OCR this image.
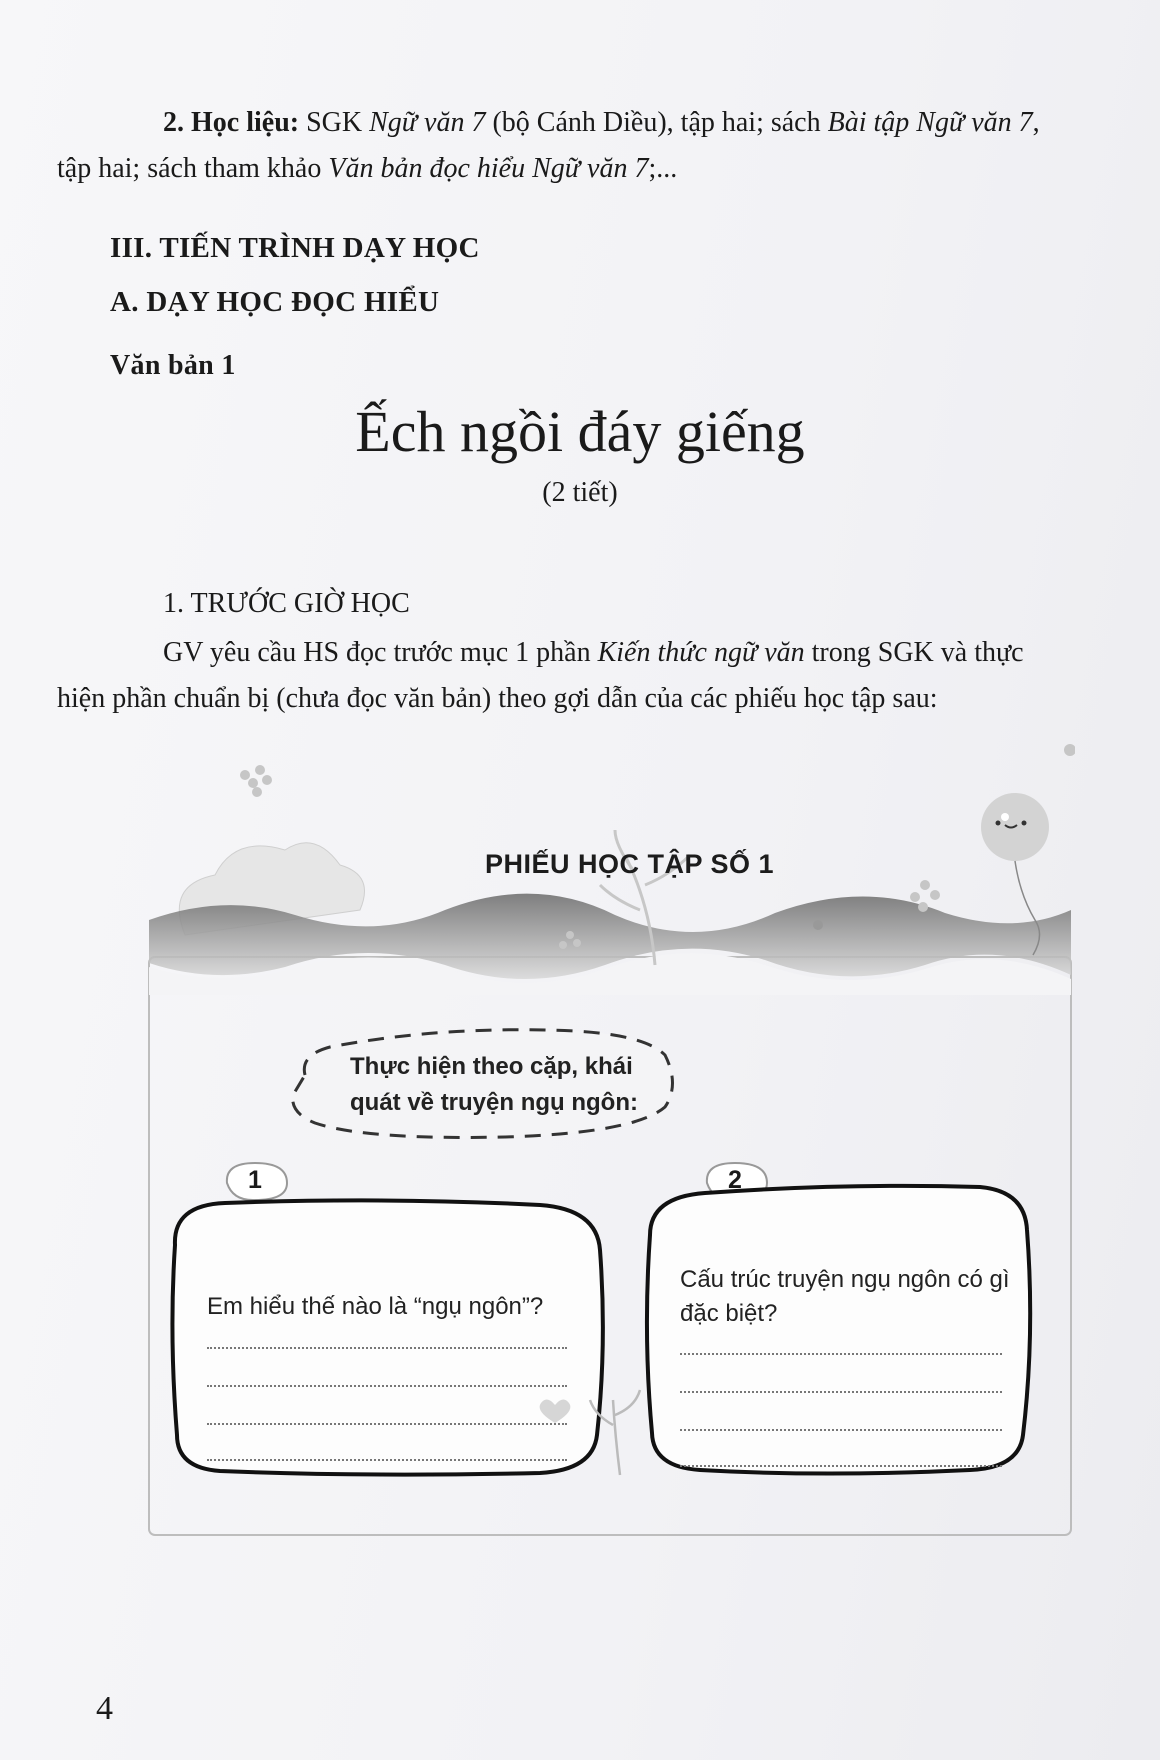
2. Học liệu: SGK Ngữ văn 7 (bộ Cánh Diều), tập hai; sách Bài tập Ngữ văn 7,
tập hai; sách tham khảo Văn bản đọc hiểu Ngữ văn 7;...
III. TIẾN TRÌNH DẠY HỌC
A. DẠY HỌC ĐỌC HIỂU
Văn bản 1
Ếch ngồi đáy giếng
(2 tiết)
1. TRƯỚC GIỜ HỌC
GV yêu cầu HS đọc trước mục 1 phần Kiến thức ngữ văn trong SGK và thực
hiện phần chuẩn bị (chưa đọc văn bản) theo gợi dẫn của các phiếu học tập sau:
PHIẾU HỌC TẬP SỐ 1
Thực hiện theo cặp, khái
quát về truyện ngụ ngôn:
1	2
Em hiểu thế nào là “ngụ ngôn”?
Cấu trúc truyện ngụ ngôn có gì
đặc biệt?
4
